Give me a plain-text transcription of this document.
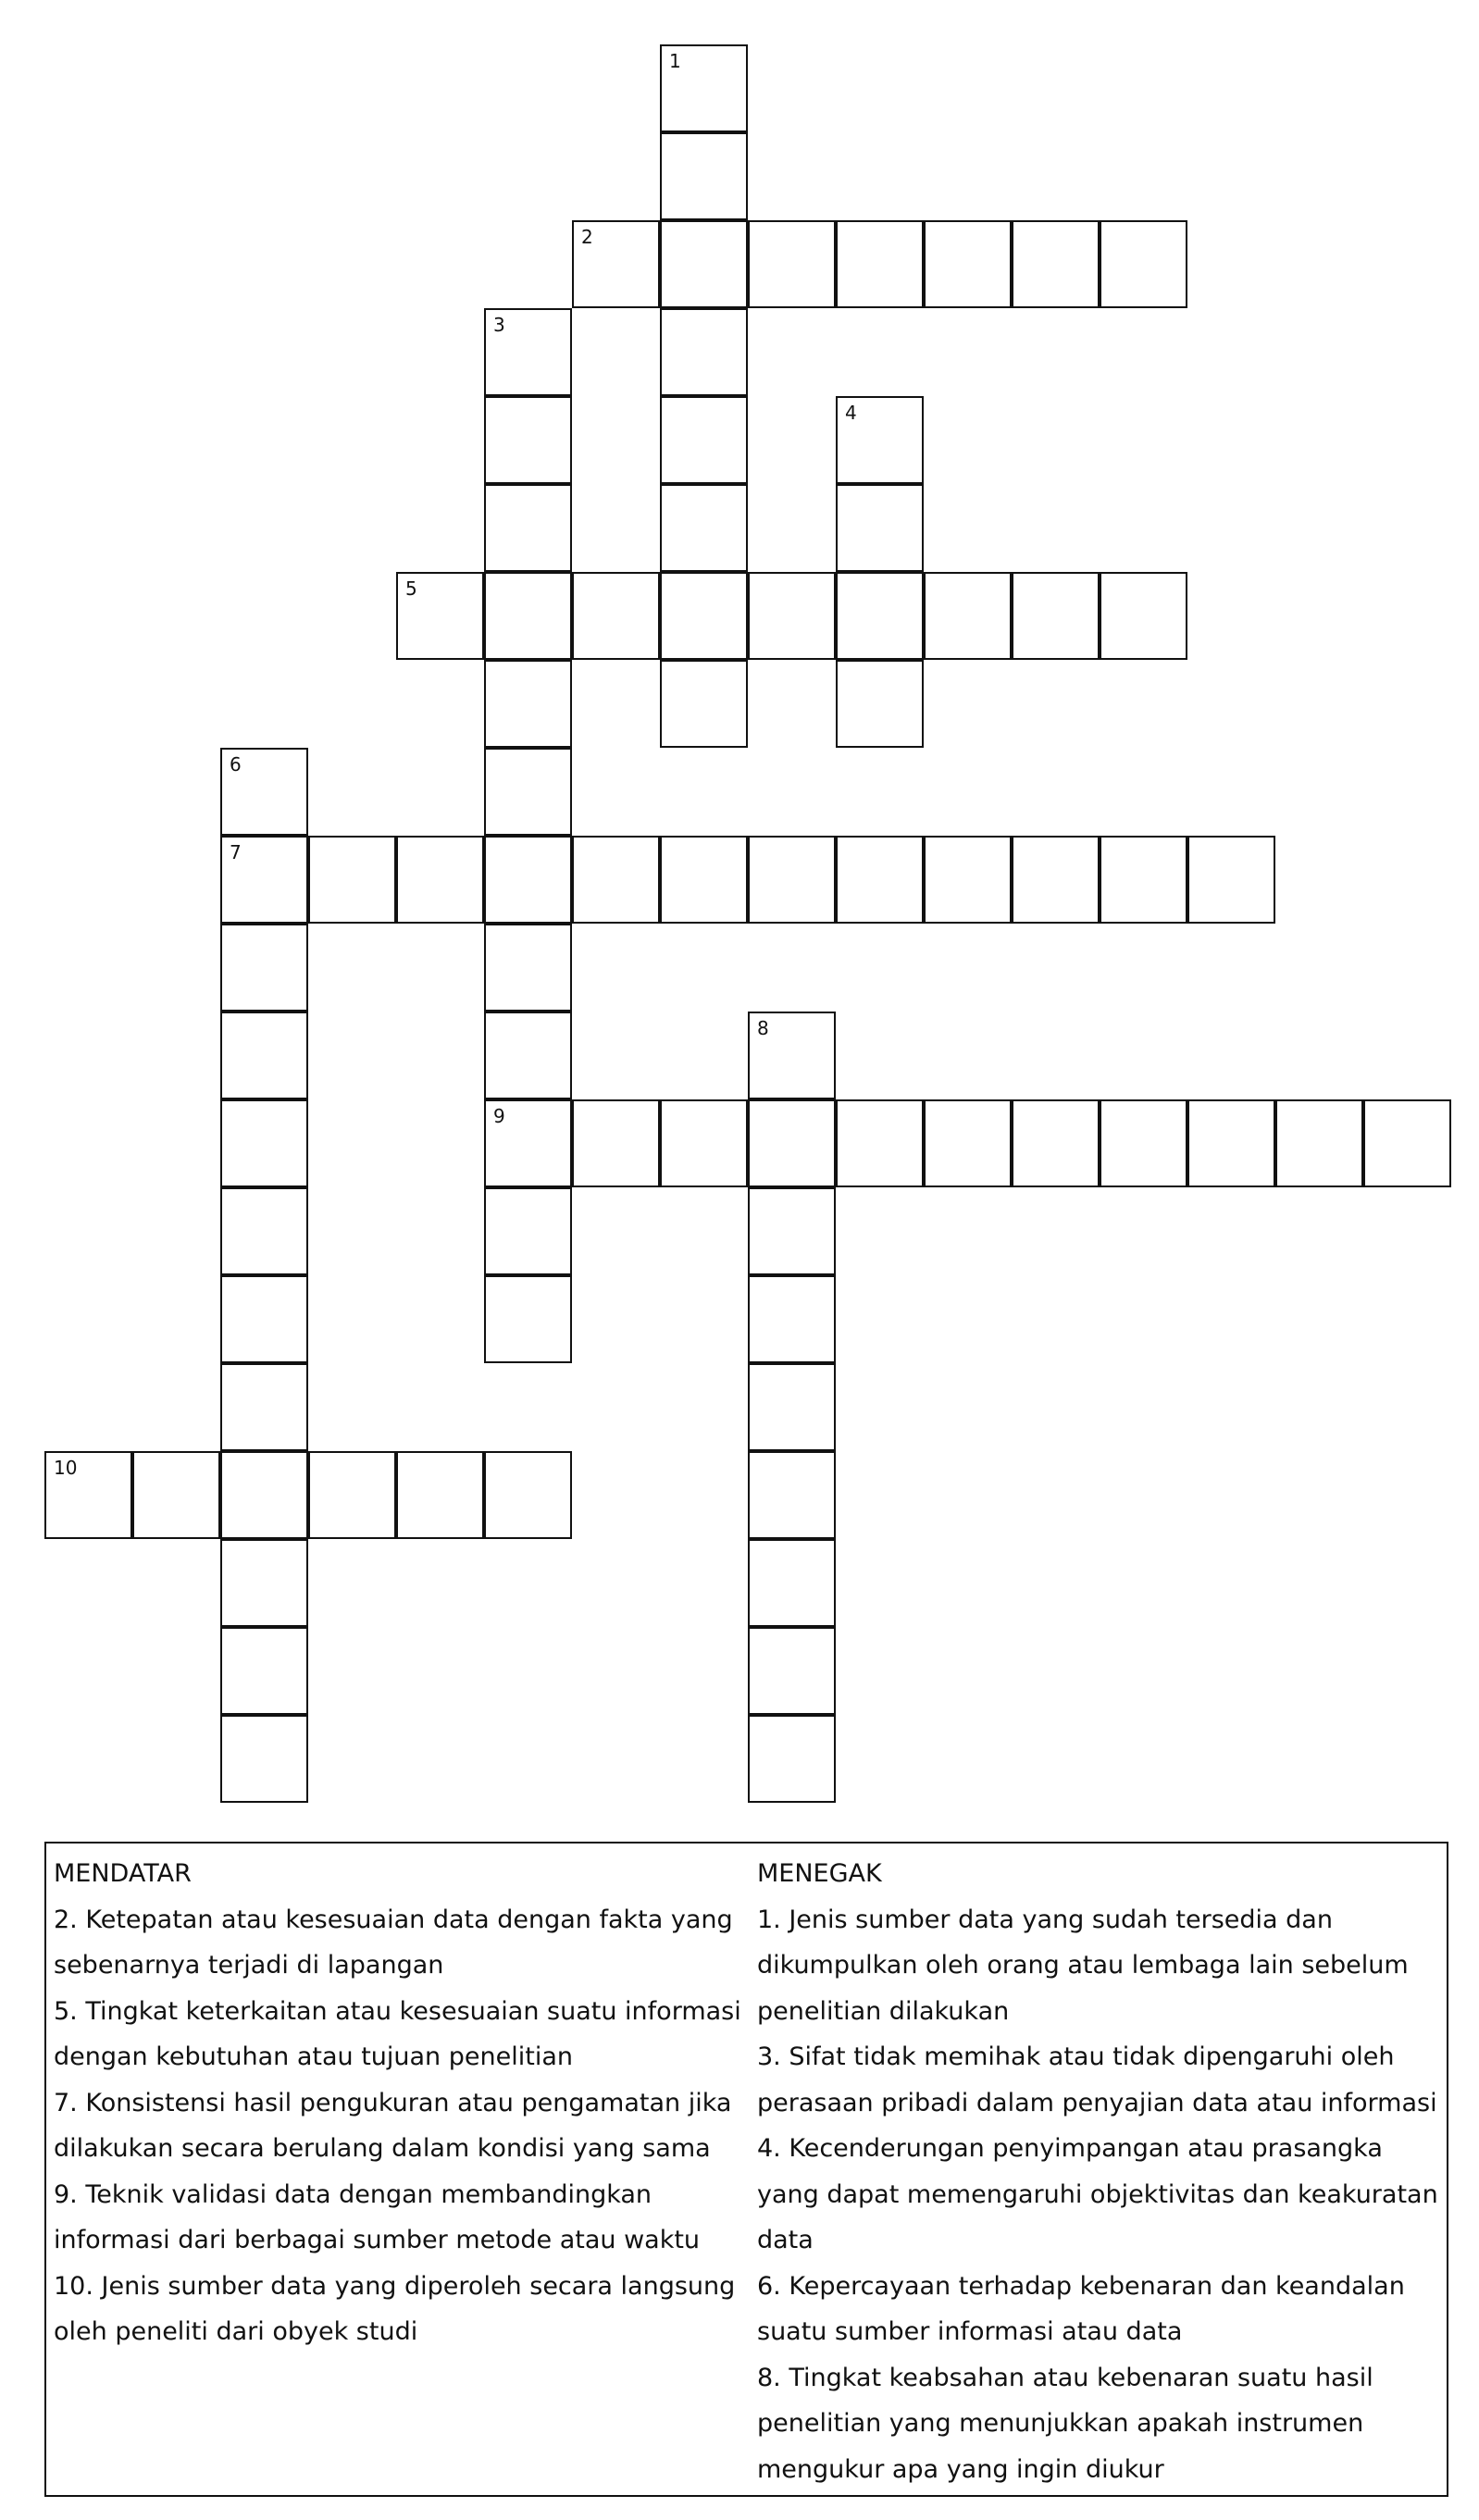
1
2
3
9
4
5
6
7
8
10
MENDATAR
2. Ketepatan atau kesesuaian data dengan fakta yang sebenarnya terjadi di lapangan
5. Tingkat keterkaitan atau kesesuaian suatu informasi dengan kebutuhan atau tujuan penelitian
7. Konsistensi hasil pengukuran atau pengamatan jika dilakukan secara berulang dalam kondisi yang sama
9. Teknik validasi data dengan membandingkan informasi dari berbagai sumber metode atau waktu
10. Jenis sumber data yang diperoleh secara langsung oleh peneliti dari obyek studi
MENEGAK
1. Jenis sumber data yang sudah tersedia dan dikumpulkan oleh orang atau lembaga lain sebelum penelitian dilakukan
3. Sifat tidak memihak atau tidak dipengaruhi oleh perasaan pribadi dalam penyajian data atau informasi
4. Kecenderungan penyimpangan atau prasangka yang dapat memengaruhi objektivitas dan keakuratan data
6. Kepercayaan terhadap kebenaran dan keandalan suatu sumber informasi atau data
8. Tingkat keabsahan atau kebenaran suatu hasil penelitian yang menunjukkan apakah instrumen mengukur apa yang ingin diukur
